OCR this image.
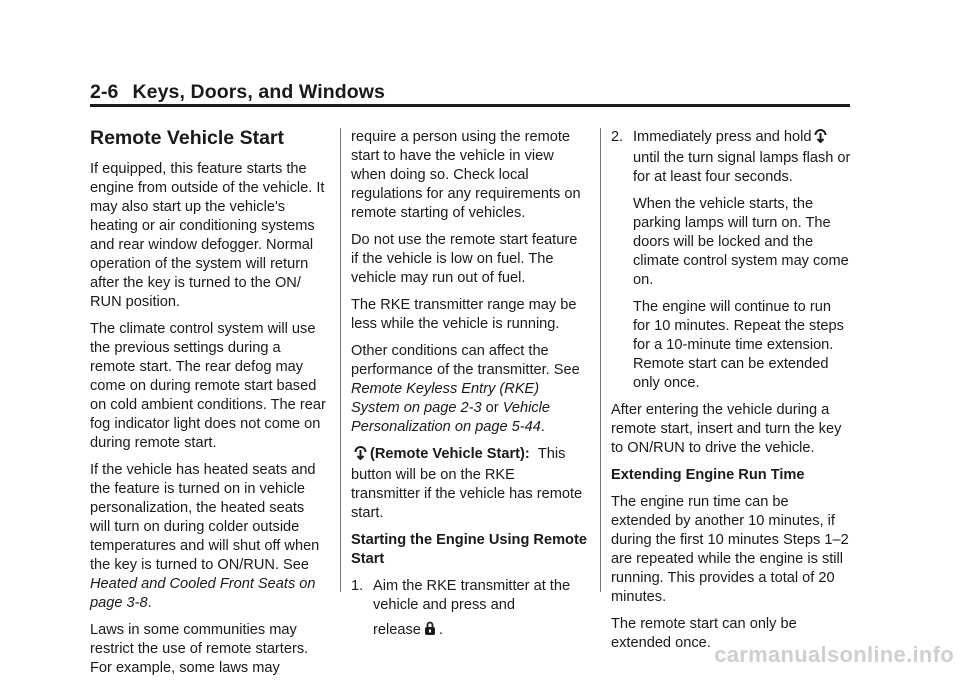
2-6 Keys, Doors, and Windows
Remote Vehicle Start

If equipped, this feature starts the engine from outside of the vehicle. It may also start up the vehicle's heating or air conditioning systems and rear window defogger. Normal operation of the system will return after the key is turned to the ON/ RUN position.

The climate control system will use the previous settings during a remote start. The rear defog may come on during remote start based on cold ambient conditions. The rear fog indicator light does not come on during remote start.

If the vehicle has heated seats and the feature is turned on in vehicle personalization, the heated seats will turn on during colder outside temperatures and will shut off when the key is turned to ON/RUN. See Heated and Cooled Front Seats on page 3-8.

Laws in some communities may restrict the use of remote starters. For example, some laws may

require a person using the remote start to have the vehicle in view when doing so. Check local regulations for any requirements on remote starting of vehicles.

Do not use the remote start feature if the vehicle is low on fuel. The vehicle may run out of fuel.

The RKE transmitter range may be less while the vehicle is running.

Other conditions can affect the performance of the transmitter. See Remote Keyless Entry (RKE) System on page 2-3 or Vehicle Personalization on page 5-44.

(Remote Vehicle Start): This button will be on the RKE transmitter if the vehicle has remote start.

Starting the Engine Using Remote Start
1. Aim the RKE transmitter at the vehicle and press and
release .
2. Immediately press and hold until the turn signal lamps flash or for at least four seconds.

When the vehicle starts, the parking lamps will turn on. The doors will be locked and the climate control system may come on.

The engine will continue to run for 10 minutes. Repeat the steps for a 10-minute time extension. Remote start can be extended only once.

After entering the vehicle during a remote start, insert and turn the key to ON/RUN to drive the vehicle.

Extending Engine Run Time

The engine run time can be extended by another 10 minutes, if during the first 10 minutes Steps 1–2 are repeated while the engine is still running. This provides a total of 20 minutes.

The remote start can only be extended once. carmanualsonline.info
